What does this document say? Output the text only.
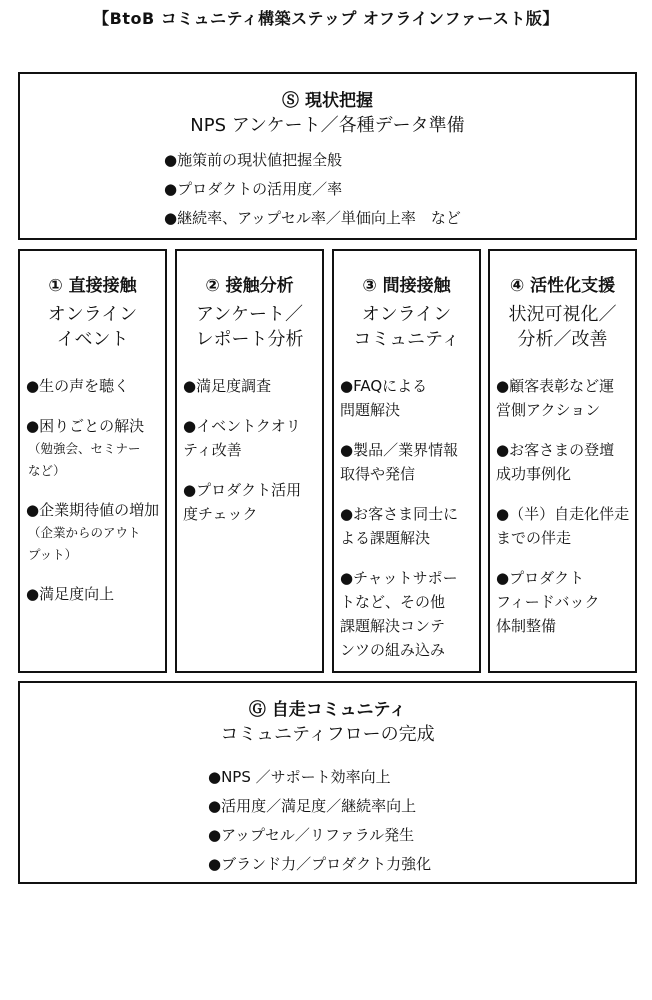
【BtoB コミュニティ構築ステップ オフラインファースト版】
Ⓢ 現状把握
NPS アンケート／各種データ準備
●施策前の現状値把握全般
●プロダクトの活用度／率
●継続率、アップセル率／単価向上率　など
① 直接接触
オンライン
イベント
●生の声を聴く
●困りごとの解決
（勉強会、セミナー
など）
●企業期待値の増加
（企業からのアウト
プット）
●満足度向上
② 接触分析
アンケート／
レポート分析
●満足度調査
●イベントクオリ
ティ改善
●プロダクト活用
度チェック
③ 間接接触
オンライン
コミュニティ
●FAQによる
問題解決
●製品／業界情報
取得や発信
●お客さま同士に
よる課題解決
●チャットサポー
トなど、その他
課題解決コンテ
ンツの組み込み
④ 活性化支援
状況可視化／
分析／改善
●顧客表彰など運
営側アクション
●お客さまの登壇
成功事例化
●（半）自走化伴走
までの伴走
●プロダクト
フィードバック
体制整備
Ⓖ 自走コミュニティ
コミュニティフローの完成
●NPS ／サポート効率向上
●活用度／満足度／継続率向上
●アップセル／リファラル発生
●ブランド力／プロダクト力強化
